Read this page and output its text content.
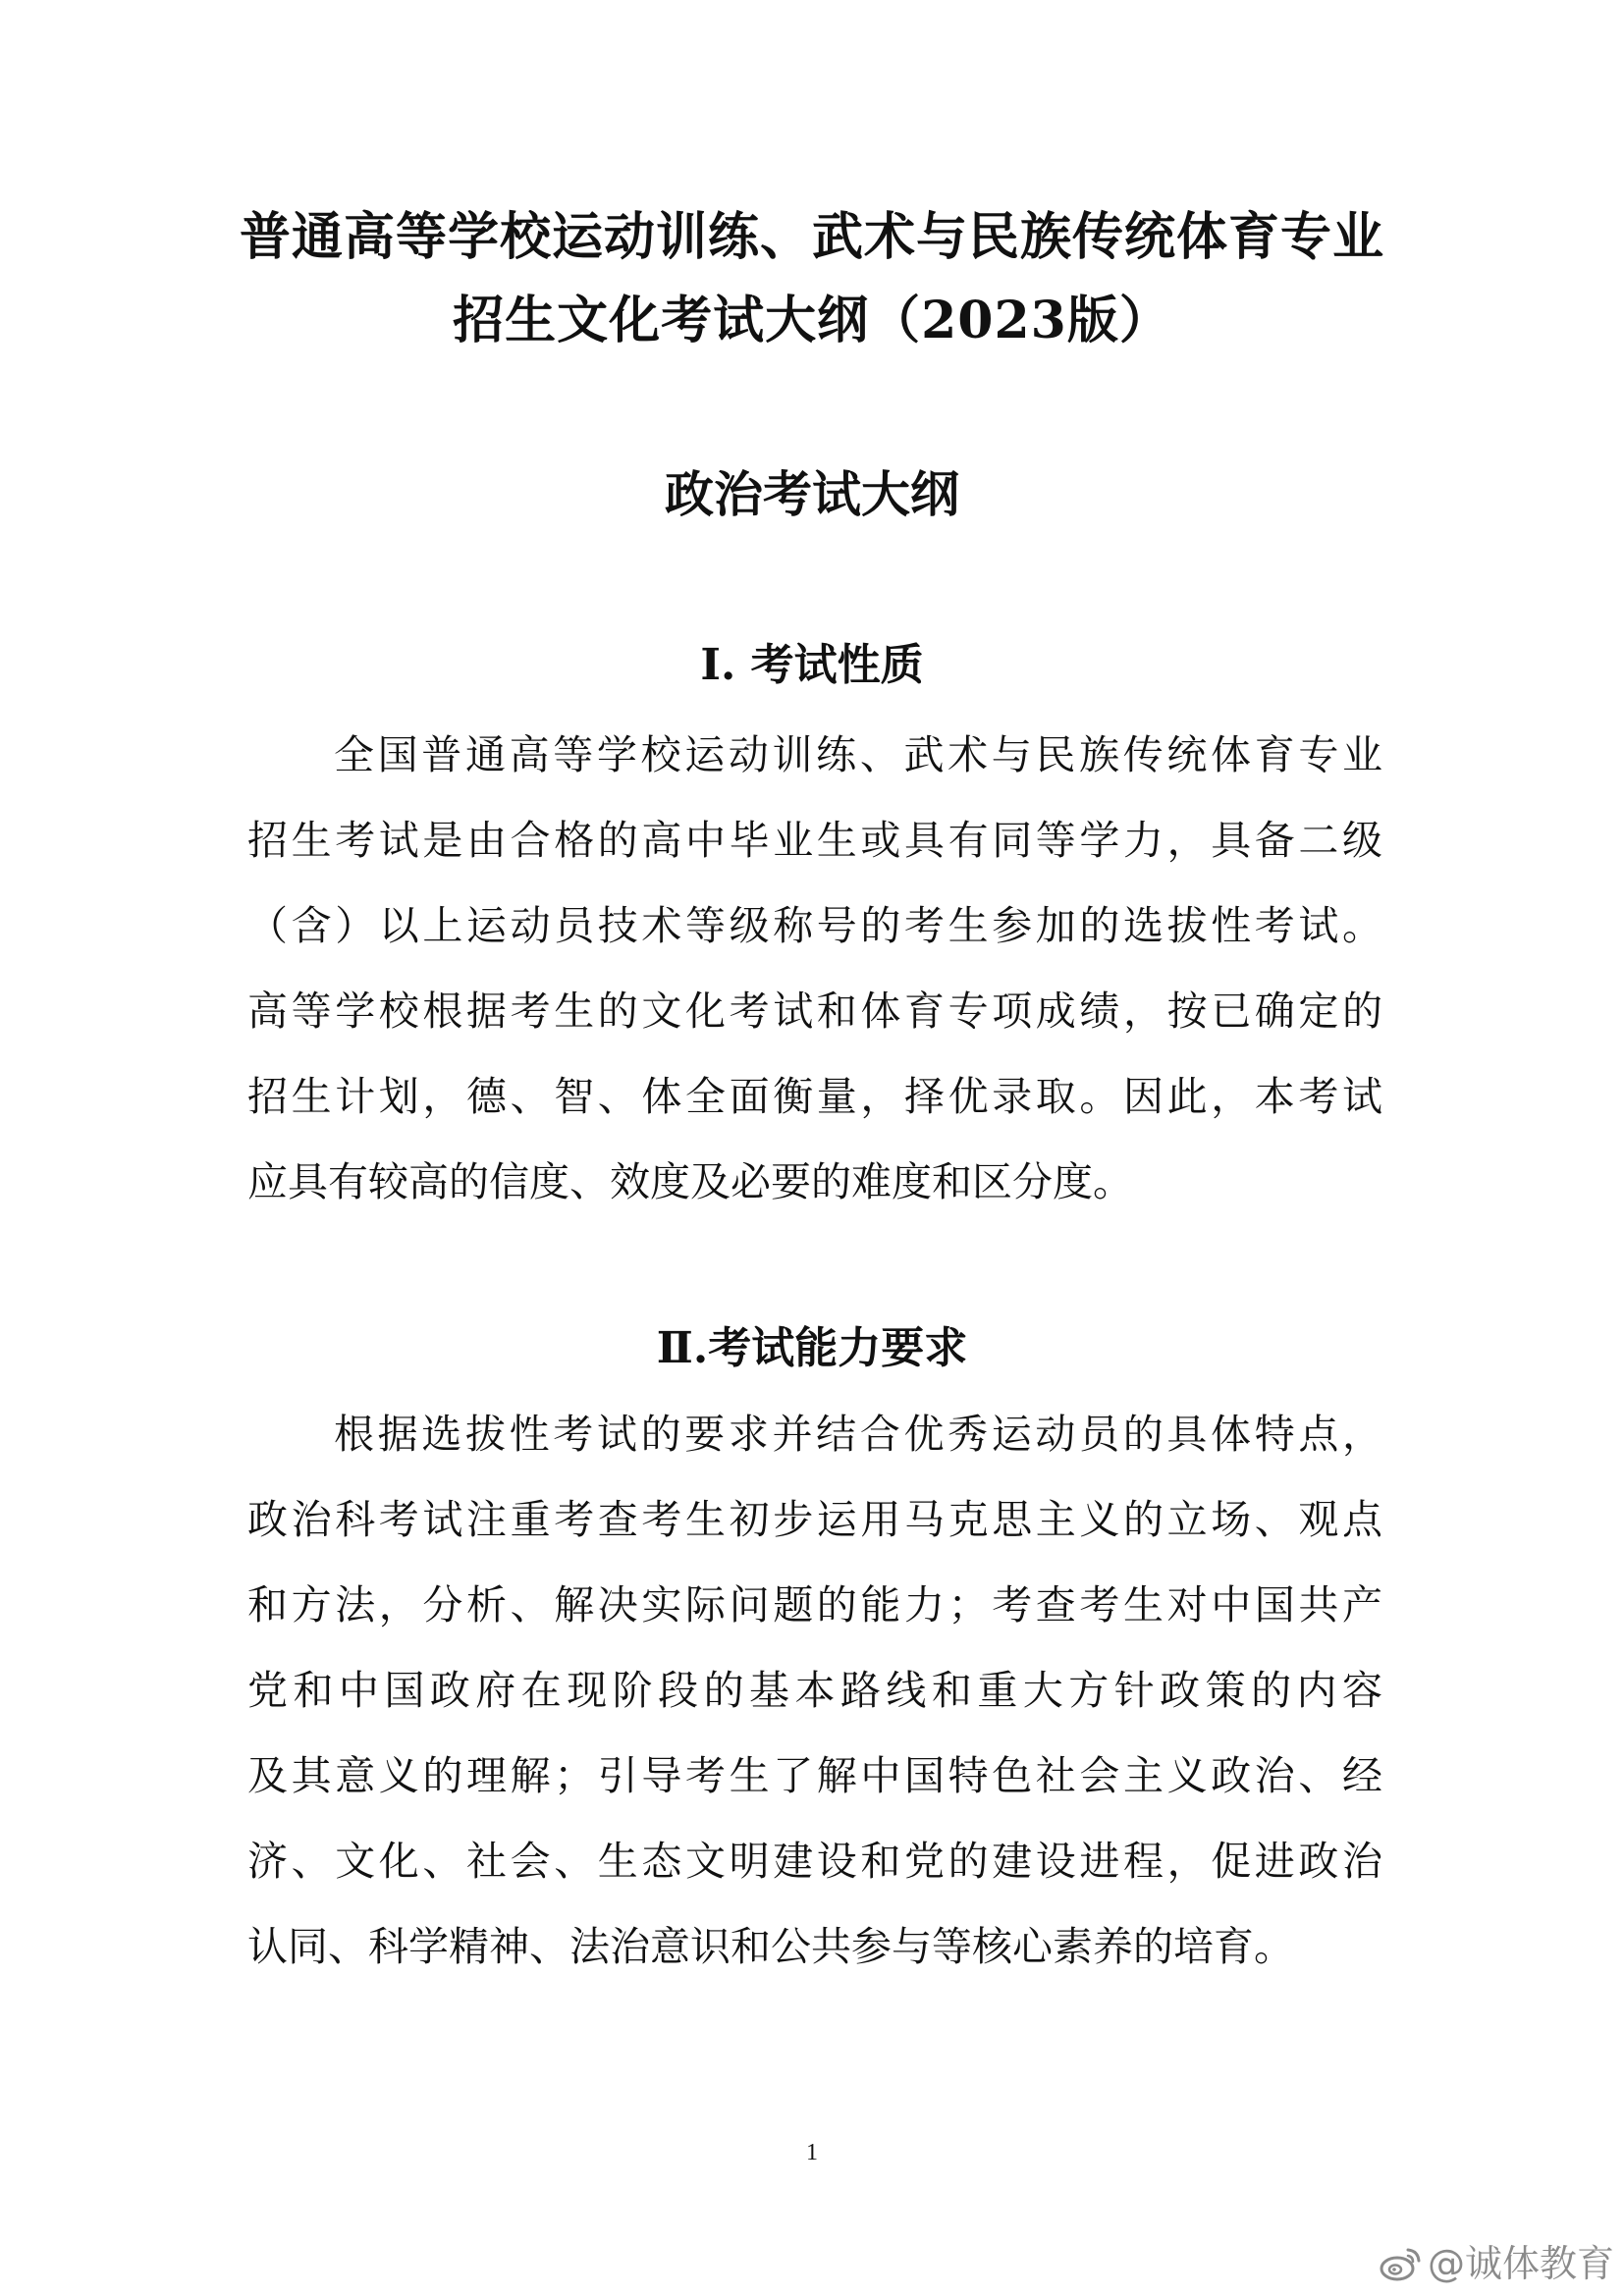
普通高等学校运动训练、武术与民族传统体育专业
招生文化考试大纲（2023版）
政治考试大纲
Ⅰ. 考试性质
全国普通高等学校运动训练、武术与民族传统体育专业
招生考试是由合格的高中毕业生或具有同等学力，具备二级
（含）以上运动员技术等级称号的考生参加的选拔性考试。
高等学校根据考生的文化考试和体育专项成绩，按已确定的
招生计划，德、智、体全面衡量，择优录取。因此，本考试
应具有较高的信度、效度及必要的难度和区分度。
Ⅱ.考试能力要求
根据选拔性考试的要求并结合优秀运动员的具体特点，
政治科考试注重考查考生初步运用马克思主义的立场、观点
和方法，分析、解决实际问题的能力；考查考生对中国共产
党和中国政府在现阶段的基本路线和重大方针政策的内容
及其意义的理解；引导考生了解中国特色社会主义政治、经
济、文化、社会、生态文明建设和党的建设进程，促进政治
认同、科学精神、法治意识和公共参与等核心素养的培育。
1
@诚体教育
